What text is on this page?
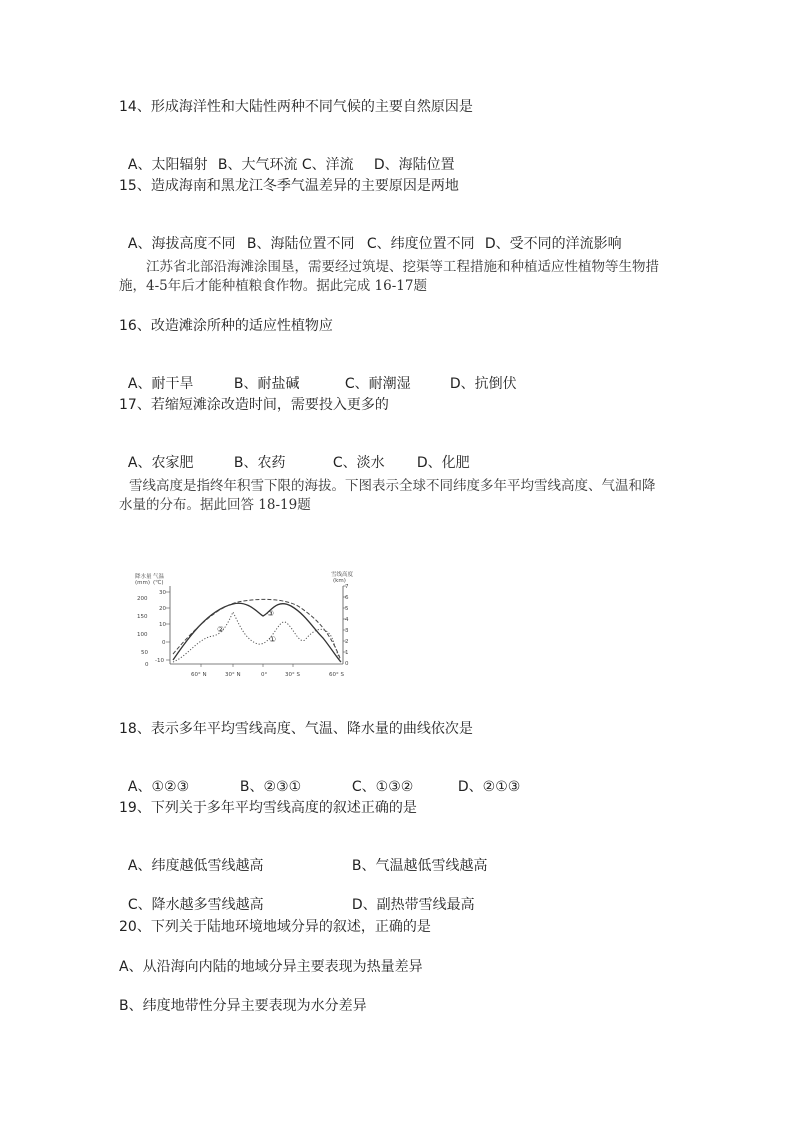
14、形成海洋性和大陆性两种不同气候的主要自然原因是

A、太阳辐射 B、大气环流 C、洋流 D、海陆位置

15、造成海南和黑龙江冬季气温差异的主要原因是两地

A、海拔高度不同 B、海陆位置不同 C、纬度位置不同 D、受不同的洋流影响

江苏省北部沿海滩涂围垦，需要经过筑堤、挖渠等工程措施和种植适应性植物等生物措
施，4-5年后才能种植粮食作物。据此完成 16-17题
16、改造滩涂所种的适应性植物应

A、耐干旱	B、耐盐碱	C、耐潮湿	D、抗倒伏

17、若缩短滩涂改造时间，需要投入更多的

A、农家肥	B、农药	C、淡水 D、化肥

雪线高度是指终年积雪下限的海拔。下图表示全球不同纬度多年平均雪线高度、气温和降
水量的分布。据此回答 18-19题
降水量
(mm)
气温
(℃)
雪线高度
(km)
200
150
100
50
0
30
20
10
0
-10
7
6
5
4
3
2
1
0
60° N	30° N	0°	30° S	60° S
③
②
①
18、表示多年平均雪线高度、气温、降水量的曲线依次是

A、①②③	B、②③①	C、①③②	D、②①③

19、下列关于多年平均雪线高度的叙述正确的是

A、纬度越低雪线越高	B、气温越低雪线越高

C、降水越多雪线越高	D、副热带雪线最高

20、下列关于陆地环境地域分异的叙述，正确的是
A、从沿海向内陆的地域分异主要表现为热量差异
B、纬度地带性分异主要表现为水分差异
